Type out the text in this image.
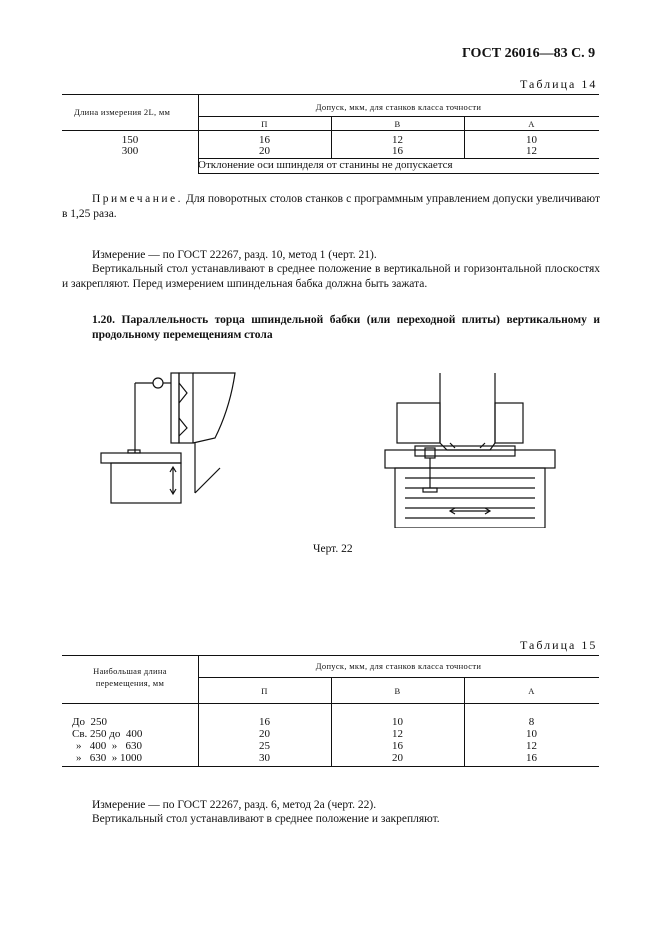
ГОСТ 26016—83 С. 9
Таблица 14
Длина измерения 2L, мм	Допуск, мкм, для станков класса точности
П	В	А
150	16	12	10
300	20	16	12
Отклонение оси шпинделя от станины не допускается
Примечание. Для поворотных столов станков с программным управлением допуски увеличивают в 1,25 раза.
Измерение — по ГОСТ 22267, разд. 10, метод 1 (черт. 21).
Вертикальный стол устанавливают в среднее положение в вертикальной и горизонтальной плоскостях и закрепляют. Перед измерением шпиндельная бабка должна быть зажата.
1.20. Параллельность торца шпиндельной бабки (или переходной плиты) вертикальному и продольному перемещениям стола
Черт. 22
Таблица 15
Наибольшая длина
перемещения, мм
Допуск, мкм, для станков класса точности
П	В	А
До  250	16	10	8
Св. 250 до  400	20	12	10
»   400  »   630	25	16	12
»   630  » 1000	30	20	16
Измерение — по ГОСТ 22267, разд. 6, метод 2а (черт. 22).
Вертикальный стол устанавливают в среднее положение и закрепляют.
